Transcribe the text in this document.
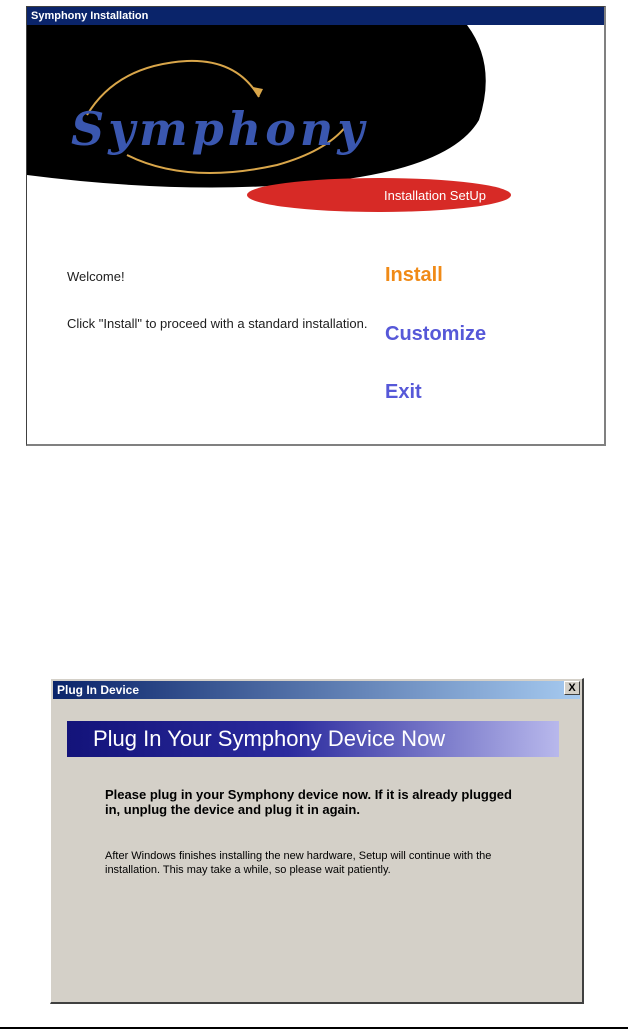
Symphony Installation
Symphony
Installation SetUp
Welcome!
Click "Install" to proceed with a standard installation.
Install
Customize
Exit
Plug In Device	X
Plug In Your Symphony Device Now
Please plug in your Symphony device now. If it is already plugged in, unplug the device and plug it in again.
After Windows finishes installing the new hardware, Setup will continue with the installation. This may take a while, so please wait patiently.
